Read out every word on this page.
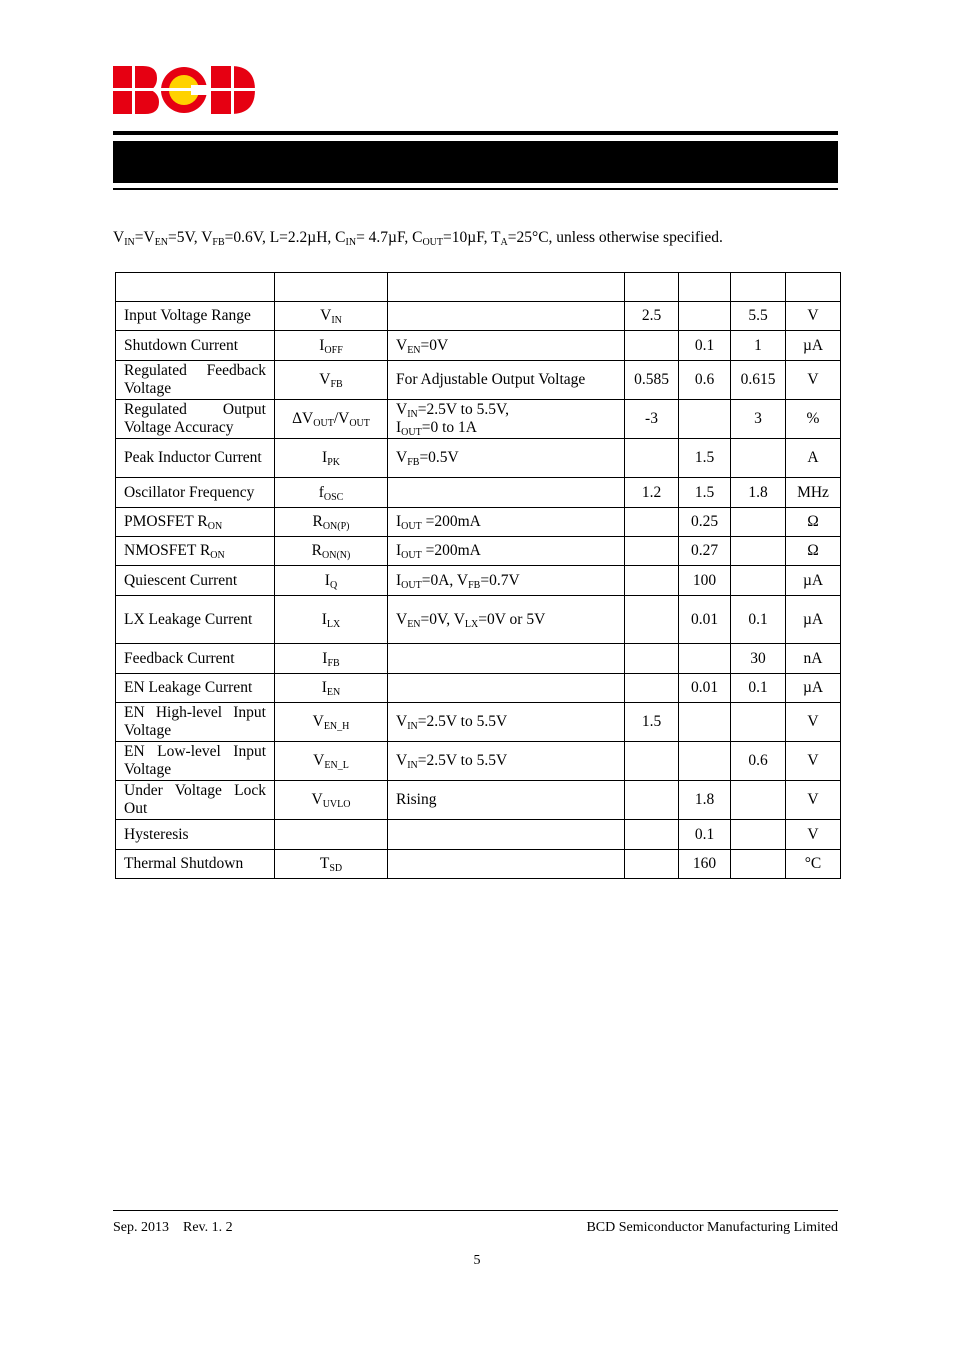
$V_{IN}=V_{EN}=5V$, $V_{FB}=0.6V$, L=2.2µH, $C_{IN}= 4.7\mu F$, $C_{OUT}=10\mu F$, $T_A=25^\circ C$, unless otherwise specified.

Input Voltage Range	$V_{IN}$		2.5		5.5	V
Shutdown Current	$I_{OFF}$	$V_{EN}=0V$		0.1	1	µA
Regulated Feedback Voltage	$V_{FB}$	For Adjustable Output Voltage	0.585	0.6	0.615	V
Regulated Output Voltage Accuracy	$\Delta V_{OUT}/V_{OUT}$	$V_{IN}=2.5V$ to 5.5V,
$I_{OUT}=0$ to 1A	-3		3	%
Peak Inductor Current	$I_{PK}$	$V_{FB}=0.5V$		1.5		A
Oscillator Frequency	$f_{OSC}$		1.2	1.5	1.8	MHz
PMOSFET $R_{ON}$	$R_{ON(P)}$	$I_{OUT} =200mA$		0.25		Ω
NMOSFET $R_{ON}$	$R_{ON(N)}$	$I_{OUT} =200mA$		0.27		Ω
Quiescent Current	$I_Q$	$I_{OUT}=0A$, $V_{FB}=0.7V$		100		µA
LX Leakage Current	$I_{LX}$	$V_{EN}=0V$, $V_{LX}=0V$ or 5V		0.01	0.1	µA
Feedback Current	$I_{FB}$				30	nA
EN Leakage Current	$I_{EN}$			0.01	0.1	µA
EN High-level Input Voltage	$V_{EN\_H}$	$V_{IN}=2.5V$ to 5.5V	1.5			V
EN Low-level Input Voltage	$V_{EN\_L}$	$V_{IN}=2.5V$ to 5.5V			0.6	V
Under Voltage Lock Out	$V_{UVLO}$	Rising		1.8		V
Hysteresis				0.1		V
Thermal Shutdown	$T_{SD}$			160		°C
Sep. 2013 Rev. 1. 2	BCD Semiconductor Manufacturing Limited
5
